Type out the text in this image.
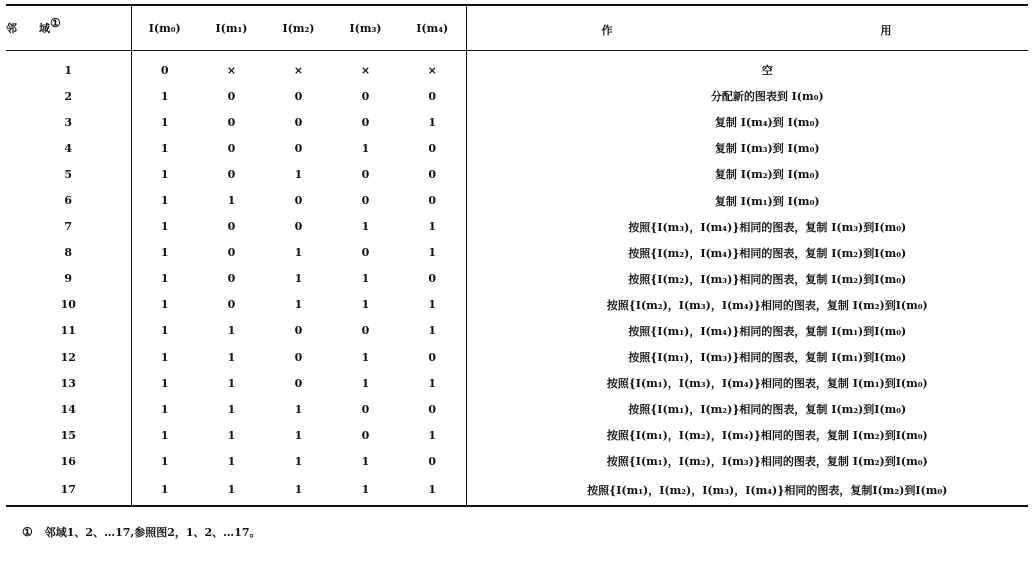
邻　　域①	I(m₀)	I(m₁)	I(m₂)	I(m₃)	I(m₄)	作 用

1	0	×	×	×	×	空
2	1	0	0	0	0	分配新的图表到 I(m₀)
3	1	0	0	0	1	复制 I(m₄)到 I(m₀)
4	1	0	0	1	0	复制 I(m₃)到 I(m₀)
5	1	0	1	0	0	复制 I(m₂)到 I(m₀)
6	1	1	0	0	0	复制 I(m₁)到 I(m₀)
7	1	0	0	1	1	按照{I(m₃)，I(m₄)}相同的图表，复制 I(m₃)到I(m₀)
8	1	0	1	0	1	按照{I(m₂)，I(m₄)}相同的图表，复制 I(m₂)到I(m₀)
9	1	0	1	1	0	按照{I(m₂)，I(m₃)}相同的图表，复制 I(m₂)到I(m₀)
10	1	0	1	1	1	按照{I(m₂)，I(m₃)，I(m₄)}相同的图表，复制 I(m₂)到I(m₀)
11	1	1	0	0	1	按照{I(m₁)，I(m₄)}相同的图表，复制 I(m₁)到I(m₀)
12	1	1	0	1	0	按照{I(m₁)，I(m₃)}相同的图表，复制 I(m₁)到I(m₀)
13	1	1	0	1	1	按照{I(m₁)，I(m₃)，I(m₄)}相同的图表，复制 I(m₁)到I(m₀)
14	1	1	1	0	0	按照{I(m₁)，I(m₂)}相同的图表，复制 I(m₂)到I(m₀)
15	1	1	1	0	1	按照{I(m₁)，I(m₂)，I(m₄)}相同的图表，复制 I(m₂)到I(m₀)
16	1	1	1	1	0	按照{I(m₁)，I(m₂)，I(m₃)}相同的图表，复制 I(m₂)到I(m₀)
17	1	1	1	1	1	按照{I(m₁)，I(m₂)，I(m₃)，I(m₄)}相同的图表，复制I(m₂)到I(m₀)
① 邻域1、2、…17,参照图2，1、2、…17。
